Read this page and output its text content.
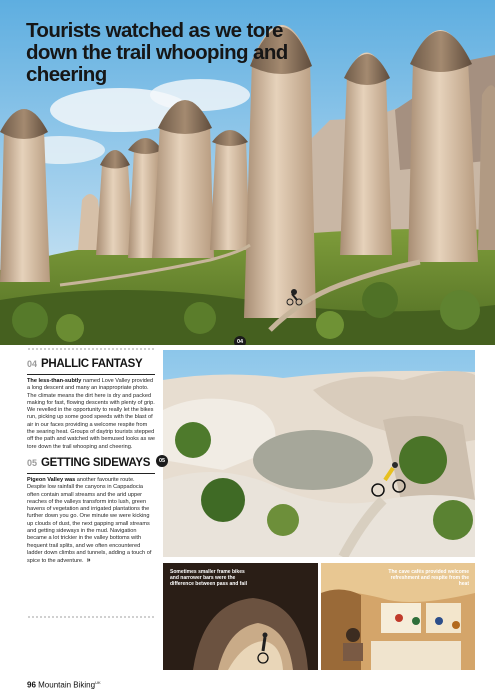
Tourists watched as we tore down the trail whooping and cheering
04
04 PHALLIC FANTASY

The less-than-subtly named Love Valley provided a long descent and many an inappropriate photo. The climate means the dirt here is dry and packed making for fast, flowing descents with plenty of grip. We revelled in the opportunity to really let the bikes run, picking up some good speeds with the blast of air in our faces providing a welcome respite from the searing heat. Groups of daytrip tourists stepped off the path and watched with bemused looks as we tore down the trail whooping and cheering.

05 GETTING SIDEWAYS

Pigeon Valley was another favourite route. Despite low rainfall the canyons in Cappadocia often contain small streams and the arid upper reaches of the valleys transform into lush, green havens of vegetation and irrigated plantations the further down you go. One minute we were kicking up clouds of dust, the next gapping small streams and getting sideways in the mud. Navigation became a lot trickier in the valley bottoms with frequent trail splits, and we often encountered ladder down climbs and tunnels, adding a touch of spice to the adventure. »

05
Sometimes smaller frame bikes and narrower bars were the difference between pass and fail
The cave cafés provided welcome refreshment and respite from the heat
96 Mountain Biking$^{UK}$
